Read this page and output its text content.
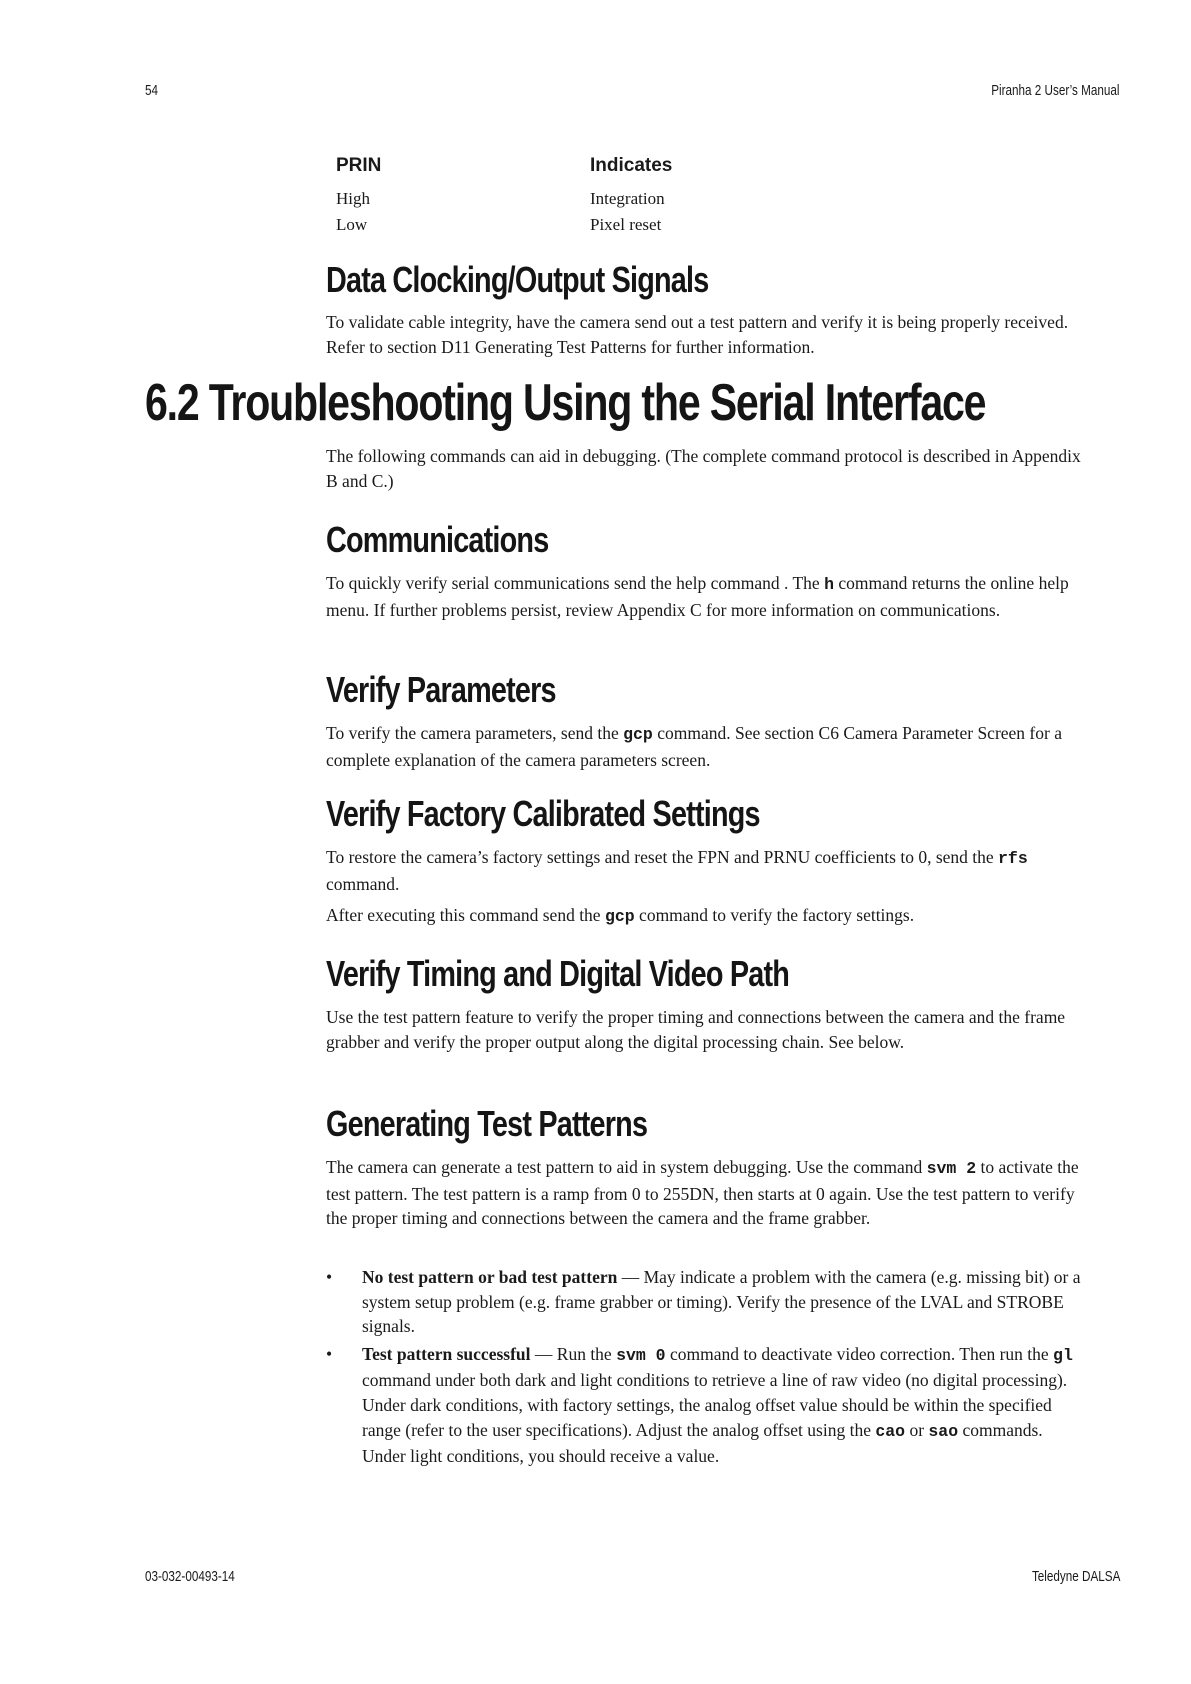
54	Piranha 2 User’s Manual
PRIN	Indicates
High	Integration
Low	Pixel reset
Data Clocking/Output Signals

To validate cable integrity, have the camera send out a test pattern and verify it is being properly received. Refer to section D11 Generating Test Patterns for further information.

6.2 Troubleshooting Using the Serial Interface

The following commands can aid in debugging. (The complete command protocol is described in Appendix B and C.)

Communications

To quickly verify serial communications send the help command . The h command returns the online help menu. If further problems persist, review Appendix C for more information on communications.

Verify Parameters

To verify the camera parameters, send the gcp command. See section C6 Camera Parameter Screen for a complete explanation of the camera parameters screen.

Verify Factory Calibrated Settings

To restore the camera’s factory settings and reset the FPN and PRNU coefficients to 0, send the rfs command.

After executing this command send the gcp command to verify the factory settings.

Verify Timing and Digital Video Path

Use the test pattern feature to verify the proper timing and connections between the camera and the frame grabber and verify the proper output along the digital processing chain. See below.

Generating Test Patterns

The camera can generate a test pattern to aid in system debugging. Use the command svm 2 to activate the test pattern. The test pattern is a ramp from 0 to 255DN, then starts at 0 again. Use the test pattern to verify the proper timing and connections between the camera and the frame grabber.

• No test pattern or bad test pattern — May indicate a problem with the camera (e.g. missing bit) or a system setup problem (e.g. frame grabber or timing). Verify the presence of the LVAL and STROBE signals.
• Test pattern successful — Run the svm 0 command to deactivate video correction. Then run the gl command under both dark and light conditions to retrieve a line of raw video (no digital processing). Under dark conditions, with factory settings, the analog offset value should be within the specified range (refer to the user specifications). Adjust the analog offset using the cao or sao commands. Under light conditions, you should receive a value.
03-032-00493-14	Teledyne DALSA
